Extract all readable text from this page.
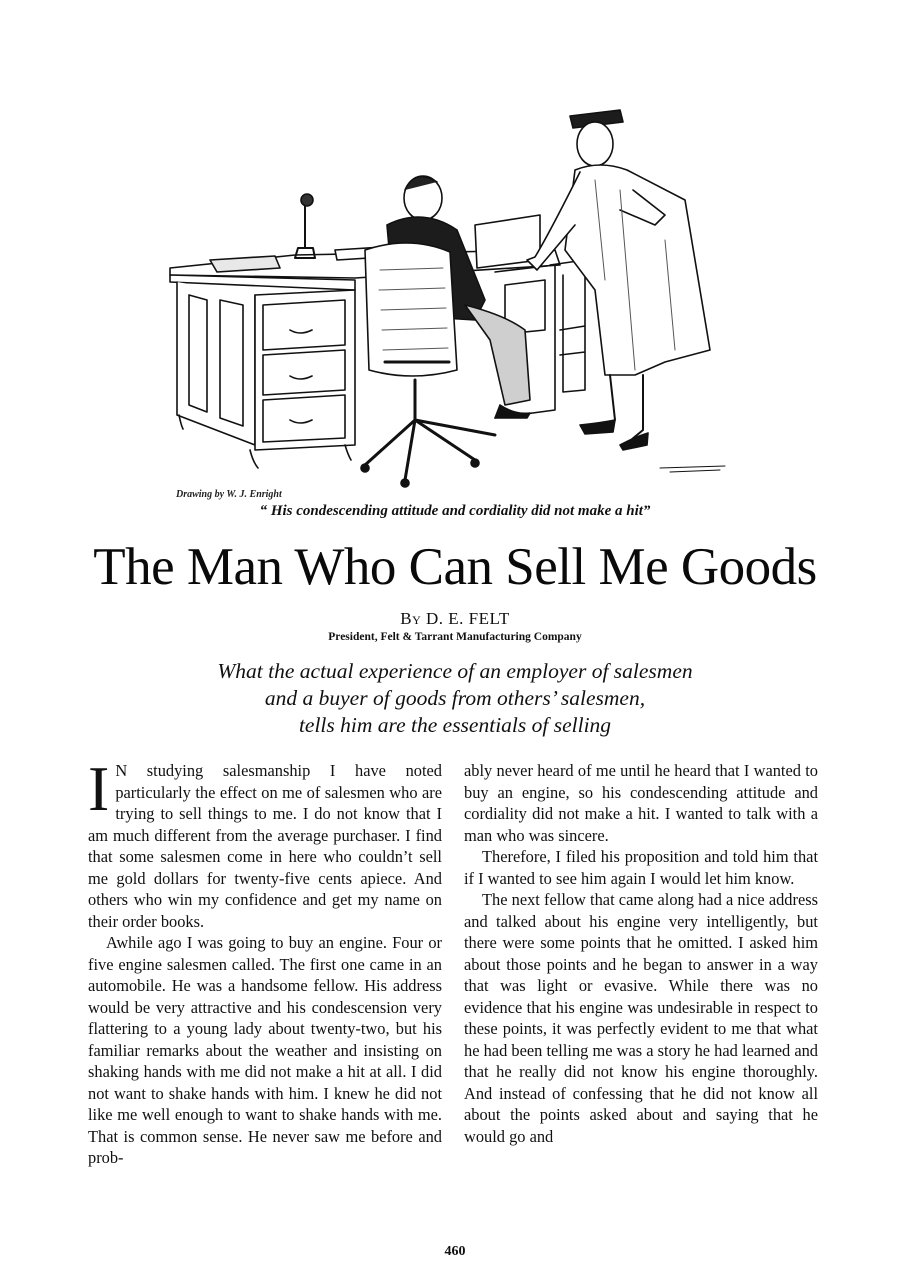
Drawing by W. J. Enright
“ His condescending attitude and cordiality did not make a hit”
The Man Who Can Sell Me Goods
By D. E. FELT
President, Felt & Tarrant Manufacturing Company
What the actual experience of an employer of salesmen
and a buyer of goods from others’ salesmen,
tells him are the essentials of selling

I N studying salesmanship I have noted particularly the effect on me of salesmen who are trying to sell things to me. I do not know that I am much different from the average purchaser. I find that some salesmen come in here who couldn’t sell me gold dollars for twenty-five cents apiece. And others who win my confidence and get my name on their order books.

Awhile ago I was going to buy an engine. Four or five engine salesmen called. The first one came in an automobile. He was a handsome fellow. His address would be very attractive and his condescension very flattering to a young lady about twenty-two, but his familiar remarks about the weather and insisting on shaking hands with me did not make a hit at all. I did not want to shake hands with him. I knew he did not like me well enough to want to shake hands with me. That is common sense. He never saw me before and prob-

ably never heard of me until he heard that I wanted to buy an engine, so his condescending attitude and cordiality did not make a hit. I wanted to talk with a man who was sincere.

Therefore, I filed his proposition and told him that if I wanted to see him again I would let him know.

The next fellow that came along had a nice address and talked about his engine very intelligently, but there were some points that he omitted. I asked him about those points and he began to answer in a way that was light or evasive. While there was no evidence that his engine was undesirable in respect to these points, it was perfectly evident to me that what he had been telling me was a story he had learned and that he really did not know his engine thoroughly. And instead of confessing that he did not know all about the points asked about and saying that he would go and

460
